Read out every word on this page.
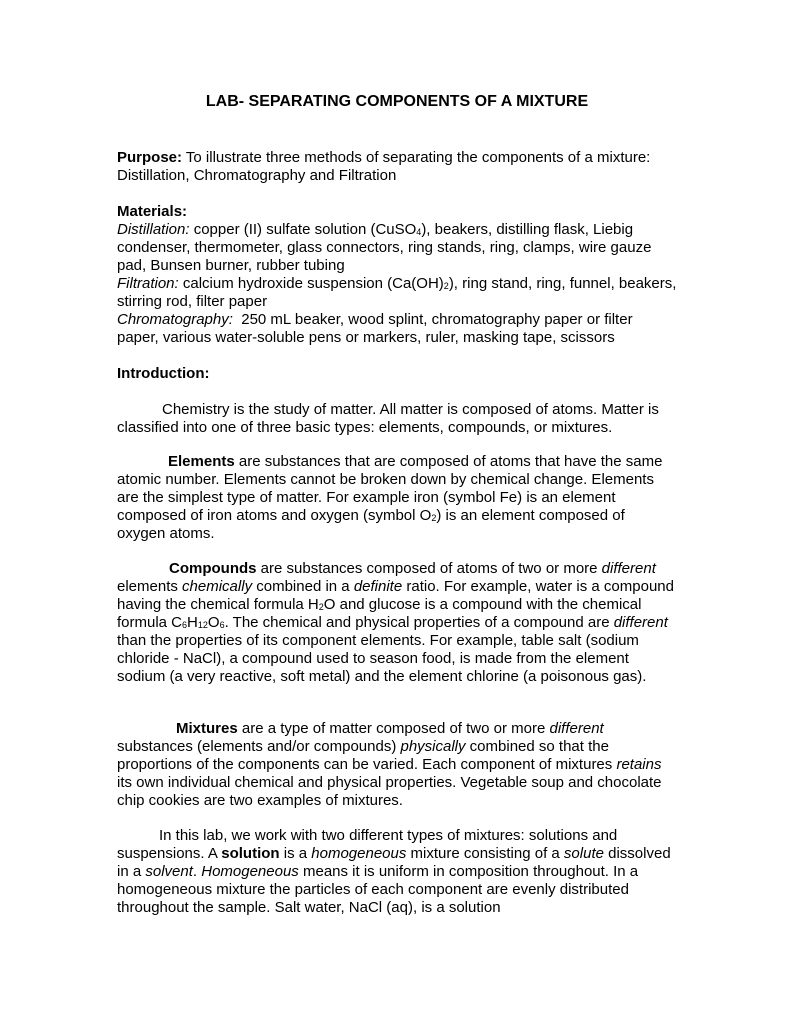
LAB- SEPARATING COMPONENTS OF A MIXTURE

Purpose: To illustrate three methods of separating the components of a mixture: Distillation, Chromatography and Filtration

Materials:
Distillation: copper (II) sulfate solution (CuSO$_4$), beakers, distilling flask, Liebig condenser, thermometer, glass connectors, ring stands, ring, clamps, wire gauze pad, Bunsen burner, rubber tubing
Filtration: calcium hydroxide suspension $(Ca(OH)_2)$, ring stand, ring, funnel, beakers, stirring rod, filter paper
Chromatography:  250 mL beaker, wood splint, chromatography paper or filter paper, various water-soluble pens or markers, ruler, masking tape, scissors
Introduction:

Chemistry is the study of matter. All matter is composed of atoms. Matter is classified into one of three basic types: elements, compounds, or mixtures.

Elements are substances that are composed of atoms that have the same atomic number. Elements cannot be broken down by chemical change. Elements are the simplest type of matter. For example iron (symbol Fe) is an element composed of iron atoms and oxygen (symbol $O_2$) is an element composed of oxygen atoms.

Compounds are substances composed of atoms of two or more different elements chemically combined in a definite ratio. For example, water is a compound having the chemical formula $H_2O$ and glucose is a compound with the chemical formula $C_6H_{12}O_6$. The chemical and physical properties of a compound are different than the properties of its component elements. For example, table salt (sodium chloride - NaCl), a compound used to season food, is made from the element sodium (a very reactive, soft metal) and the element chlorine (a poisonous gas).

Mixtures are a type of matter composed of two or more different substances (elements and/or compounds) physically combined so that the proportions of the components can be varied. Each component of mixtures retains its own individual chemical and physical properties. Vegetable soup and chocolate chip cookies are two examples of mixtures.

In this lab, we work with two different types of mixtures: solutions and suspensions. A solution is a homogeneous mixture consisting of a solute dissolved in a solvent. Homogeneous means it is uniform in composition throughout. In a homogeneous mixture the particles of each component are evenly distributed throughout the sample. Salt water, NaCl (aq), is a solution
